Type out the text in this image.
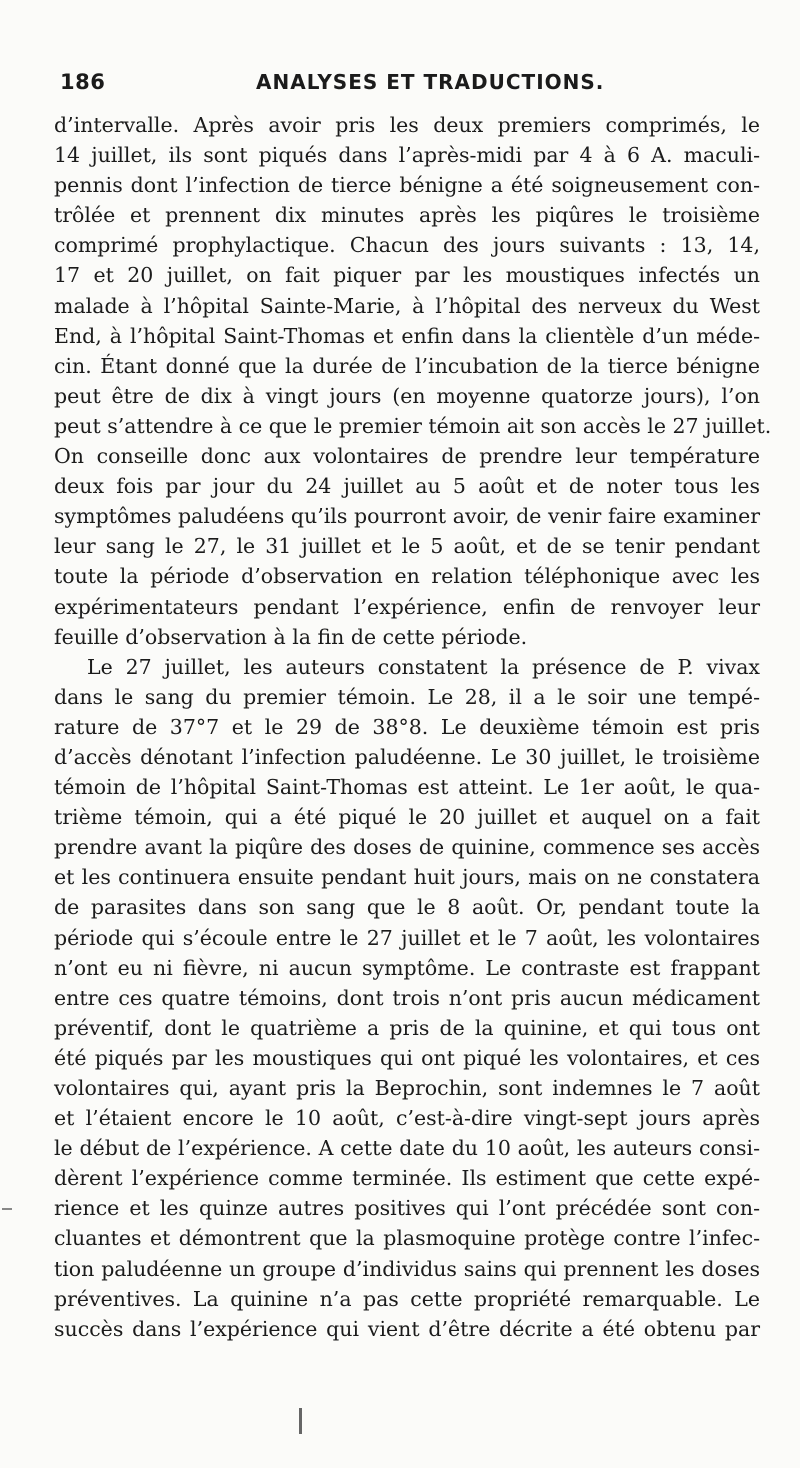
186	ANALYSES ET TRADUCTIONS.
d’intervalle. Après avoir pris les deux premiers comprimés, le
14 juillet, ils sont piqués dans l’après-midi par 4 à 6 A. maculi-
pennis dont l’infection de tierce bénigne a été soigneusement con-
trôlée et prennent dix minutes après les piqûres le troisième
comprimé prophylactique. Chacun des jours suivants : 13, 14,
17 et 20 juillet, on fait piquer par les moustiques infectés un
malade à l’hôpital Sainte-Marie, à l’hôpital des nerveux du West
End, à l’hôpital Saint-Thomas et enfin dans la clientèle d’un méde-
cin. Étant donné que la durée de l’incubation de la tierce bénigne
peut être de dix à vingt jours (en moyenne quatorze jours), l’on
peut s’attendre à ce que le premier témoin ait son accès le 27 juillet.
On conseille donc aux volontaires de prendre leur température
deux fois par jour du 24 juillet au 5 août et de noter tous les
symptômes paludéens qu’ils pourront avoir, de venir faire examiner
leur sang le 27, le 31 juillet et le 5 août, et de se tenir pendant
toute la période d’observation en relation téléphonique avec les
expérimentateurs pendant l’expérience, enfin de renvoyer leur
feuille d’observation à la fin de cette période.
Le 27 juillet, les auteurs constatent la présence de P. vivax
dans le sang du premier témoin. Le 28, il a le soir une tempé-
rature de 37°7 et le 29 de 38°8. Le deuxième témoin est pris
d’accès dénotant l’infection paludéenne. Le 30 juillet, le troisième
témoin de l’hôpital Saint-Thomas est atteint. Le 1er août, le qua-
trième témoin, qui a été piqué le 20 juillet et auquel on a fait
prendre avant la piqûre des doses de quinine, commence ses accès
et les continuera ensuite pendant huit jours, mais on ne constatera
de parasites dans son sang que le 8 août. Or, pendant toute la
période qui s’écoule entre le 27 juillet et le 7 août, les volontaires
n’ont eu ni fièvre, ni aucun symptôme. Le contraste est frappant
entre ces quatre témoins, dont trois n’ont pris aucun médicament
préventif, dont le quatrième a pris de la quinine, et qui tous ont
été piqués par les moustiques qui ont piqué les volontaires, et ces
volontaires qui, ayant pris la Beprochin, sont indemnes le 7 août
et l’étaient encore le 10 août, c’est-à-dire vingt-sept jours après
le début de l’expérience. A cette date du 10 août, les auteurs consi-
dèrent l’expérience comme terminée. Ils estiment que cette expé-
rience et les quinze autres positives qui l’ont précédée sont con-
cluantes et démontrent que la plasmoquine protège contre l’infec-
tion paludéenne un groupe d’individus sains qui prennent les doses
préventives. La quinine n’a pas cette propriété remarquable. Le
succès dans l’expérience qui vient d’être décrite a été obtenu par
